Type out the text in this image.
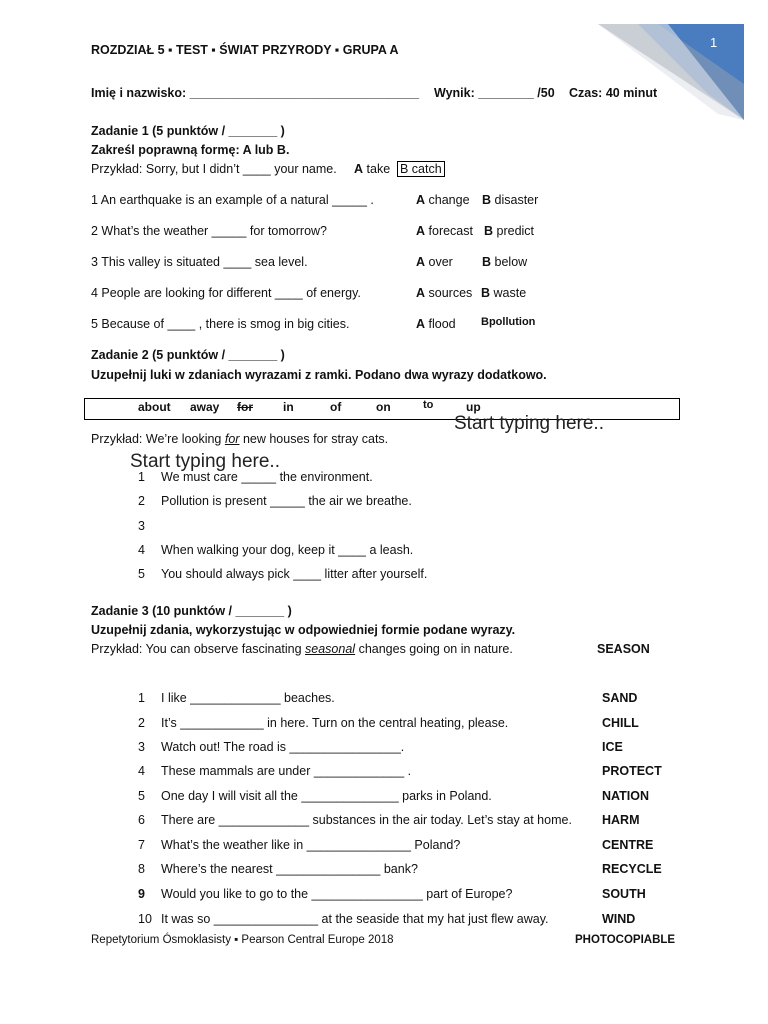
1
ROZDZIAŁ 5 ▪ TEST ▪ ŚWIAT PRZYRODY ▪ GRUPA A
Imię i nazwisko: _________________________________ Wynik: ________ /50 Czas: 40 minut
Zadanie 1 (5 punktów / _______ )
Zakreśl poprawną formę: A lub B.
Przykład: Sorry, but I didn’t ____ your name. A take B catch
1 An earthquake is an example of a natural _____ .	A change B disaster
2 What’s the weather _____ for tomorrow?	A forecast B predict
3 This valley is situated ____ sea level.	A over B below
4 People are looking for different ____ of energy.	A sources B waste
5 Because of ____ , there is smog in big cities.	A flood Bpollution
Zadanie 2 (5 punktów / _______ )
Uzupełnij luki w zdaniach wyrazami z ramki. Podano dwa wyrazy dodatkowo.
about away for	in	of	on	to	up
Przykład: We’re looking for new houses for stray cats.
Start typing here..
Start typing here..
1 We must care _____ the environment.
2 Pollution is present _____ the air we breathe.
3
4 When walking your dog, keep it ____ a leash.
5 You should always pick ____ litter after yourself.
Zadanie 3 (10 punktów / _______ )
Uzupełnij zdania, wykorzystując w odpowiedniej formie podane wyrazy.
Przykład: You can observe fascinating seasonal changes going on in nature.	SEASON
1 I like _____________ beaches.	SAND
2 It’s ____________ in here. Turn on the central heating, please.	CHILL
3 Watch out! The road is ________________.	ICE
4 These mammals are under _____________ .	PROTECT
5 One day I will visit all the ______________ parks in Poland.	NATION
6 There are _____________ substances in the air today. Let’s stay at home. HARM
7 What’s the weather like in _______________ Poland?	CENTRE
8 Where’s the nearest _______________ bank?	RECYCLE
9 Would you like to go to the ________________ part of Europe?	SOUTH
10 It was so _______________ at the seaside that my hat just flew away.	WIND
Repetytorium Ósmoklasisty ▪ Pearson Central Europe 2018	PHOTOCOPIABLE
